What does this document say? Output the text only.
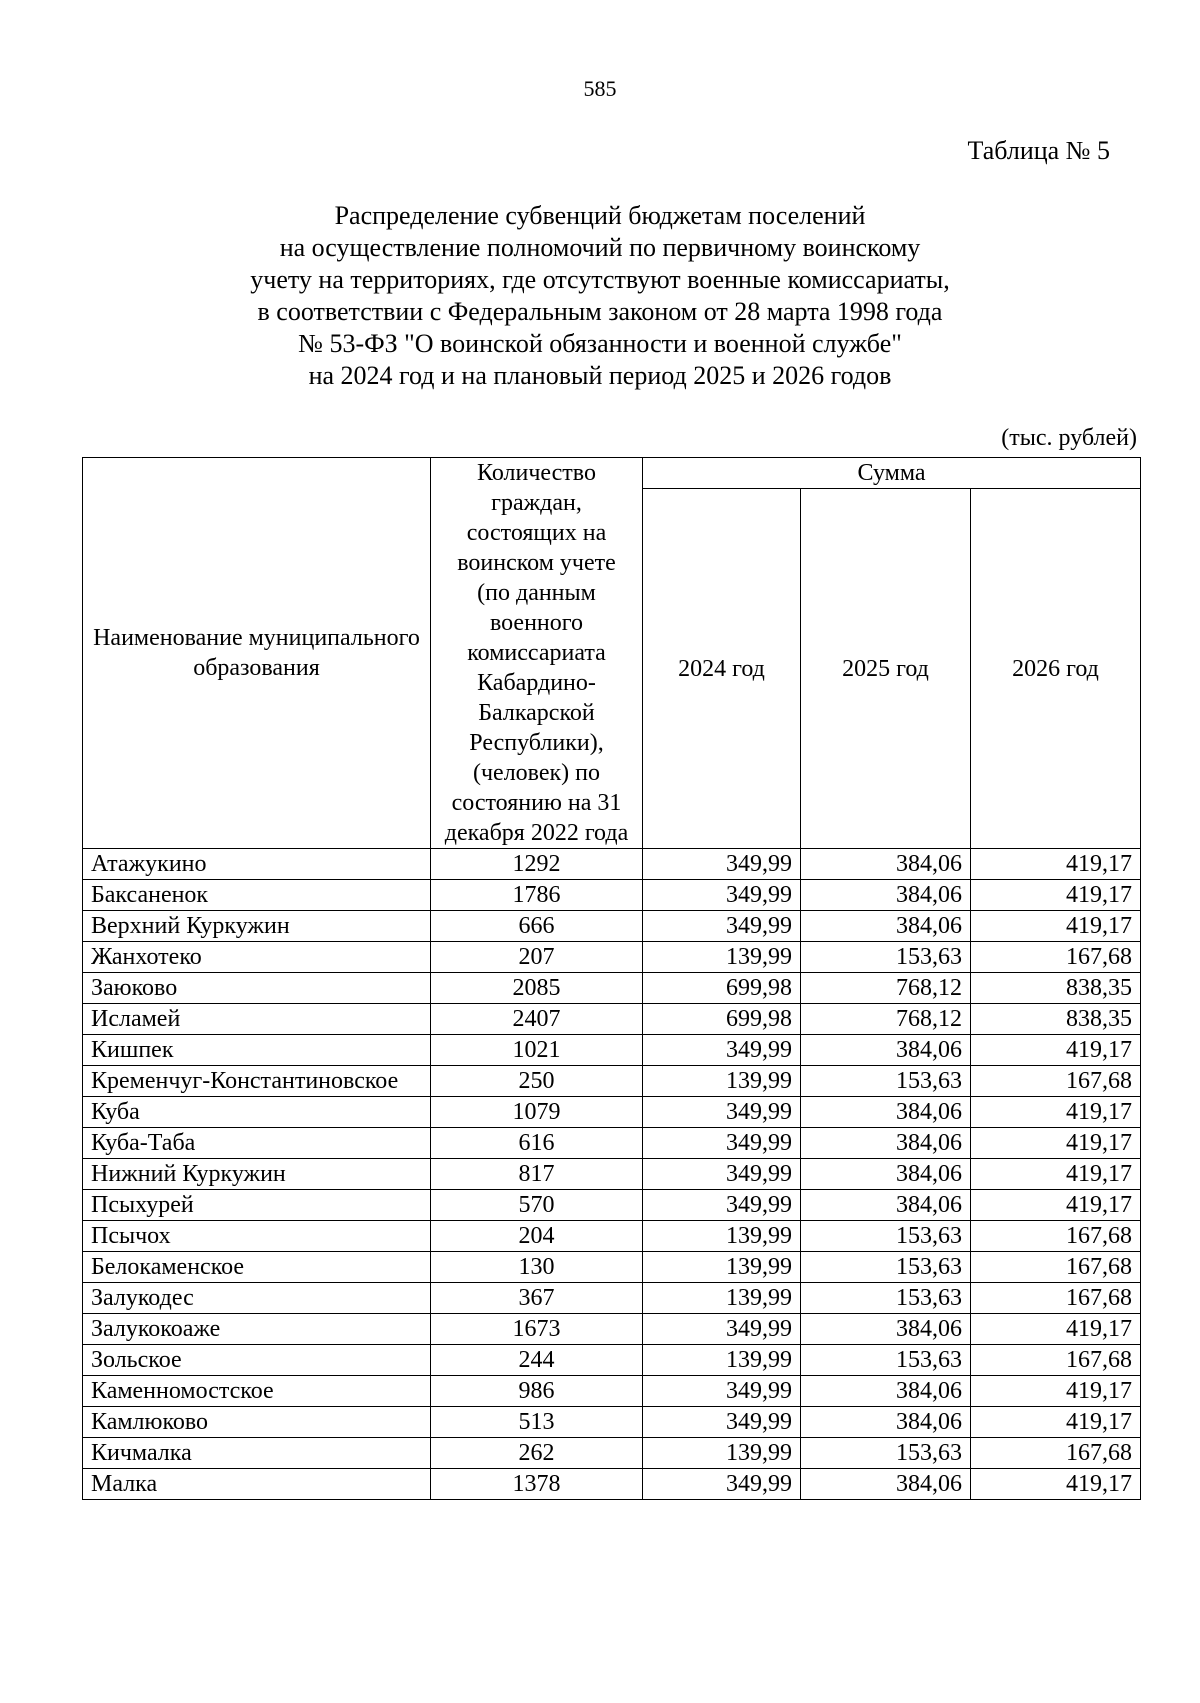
585
Таблица № 5
Распределение субвенций бюджетам поселений
на осуществление полномочий по первичному воинскому
учету на территориях, где отсутствуют военные комиссариаты,
в соответствии с Федеральным законом от 28 марта 1998 года
№ 53-ФЗ "О воинской обязанности и военной службе"
на 2024 год и на плановый период 2025 и 2026 годов
(тыс. рублей)
Наименование муниципального образования	Количество граждан, состоящих на воинском учете (по данным военного комиссариата Кабардино-Балкарской Республики), (человек) по состоянию на 31 декабря 2022 года	Сумма		
		2024 год	2025 год	2026 год
Атажукино	1292	349,99	384,06	419,17
Баксаненок	1786	349,99	384,06	419,17
Верхний Куркужин	666	349,99	384,06	419,17
Жанхотеко	207	139,99	153,63	167,68
Заюково	2085	699,98	768,12	838,35
Исламей	2407	699,98	768,12	838,35
Кишпек	1021	349,99	384,06	419,17
Кременчуг-Константиновское	250	139,99	153,63	167,68
Куба	1079	349,99	384,06	419,17
Куба-Таба	616	349,99	384,06	419,17
Нижний Куркужин	817	349,99	384,06	419,17
Псыхурей	570	349,99	384,06	419,17
Псычох	204	139,99	153,63	167,68
Белокаменское	130	139,99	153,63	167,68
Залукодес	367	139,99	153,63	167,68
Залукокоаже	1673	349,99	384,06	419,17
Зольское	244	139,99	153,63	167,68
Каменномостское	986	349,99	384,06	419,17
Камлюково	513	349,99	384,06	419,17
Кичмалка	262	139,99	153,63	167,68
Малка	1378	349,99	384,06	419,17
